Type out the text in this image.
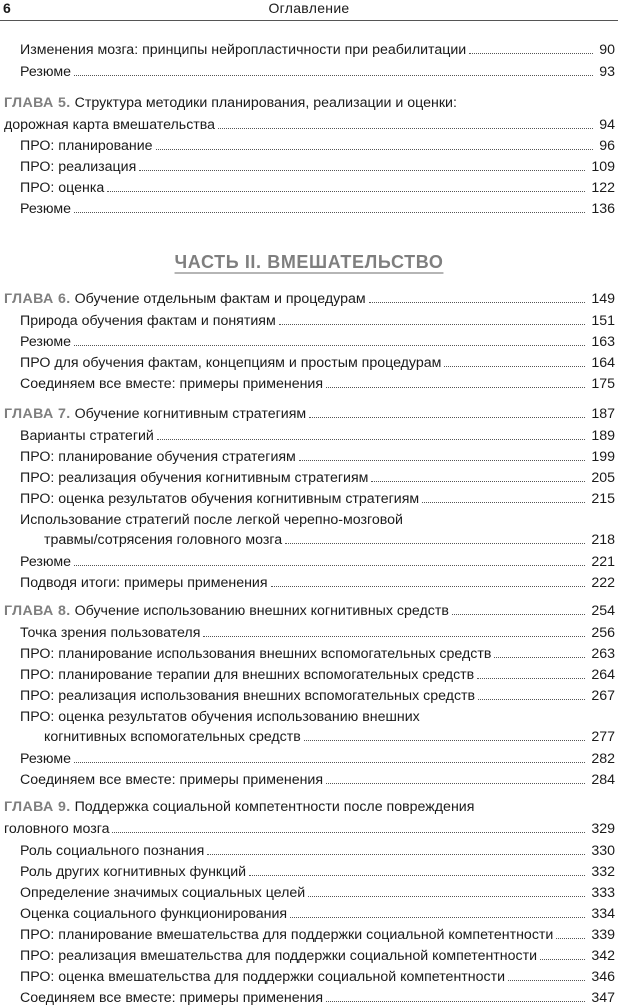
6	Оглавление
ЧАСТЬ II. ВМЕШАТЕЛЬСТВО
Изменения мозга: принципы нейропластичности при реабилитации	90
Резюме	93
ГЛАВА 5. Структура методики планирования, реализации и оценки:
дорожная карта вмешательства	94
ПРО: планирование	96
ПРО: реализация	109
ПРО: оценка	122
Резюме	136
ГЛАВА 6. Обучение отдельным фактам и процедурам	149
Природа обучения фактам и понятиям	151
Резюме	163
ПРО для обучения фактам, концепциям и простым процедурам	164
Соединяем все вместе: примеры применения	175
ГЛАВА 7. Обучение когнитивным стратегиям	187
Варианты стратегий	189
ПРО: планирование обучения стратегиям	199
ПРО: реализация обучения когнитивным стратегиям	205
ПРО: оценка результатов обучения когнитивным стратегиям	215
Использование стратегий после легкой черепно-мозговой
травмы/сотрясения головного мозга	218
Резюме	221
Подводя итоги: примеры применения	222
ГЛАВА 8. Обучение использованию внешних когнитивных средств	254
Точка зрения пользователя	256
ПРО: планирование использования внешних вспомогательных средств	263
ПРО: планирование терапии для внешних вспомогательных средств	264
ПРО: реализация использования внешних вспомогательных средств	267
ПРО: оценка результатов обучения использованию внешних
когнитивных вспомогательных средств	277
Резюме	282
Соединяем все вместе: примеры применения	284
ГЛАВА 9. Поддержка социальной компетентности после повреждения
головного мозга	329
Роль социального познания	330
Роль других когнитивных функций	332
Определение значимых социальных целей	333
Оценка социального функционирования	334
ПРО: планирование вмешательства для поддержки социальной компетентности	339
ПРО: реализация вмешательства для поддержки социальной компетентности	342
ПРО: оценка вмешательства для поддержки социальной компетентности	346
Соединяем все вместе: примеры применения	347
